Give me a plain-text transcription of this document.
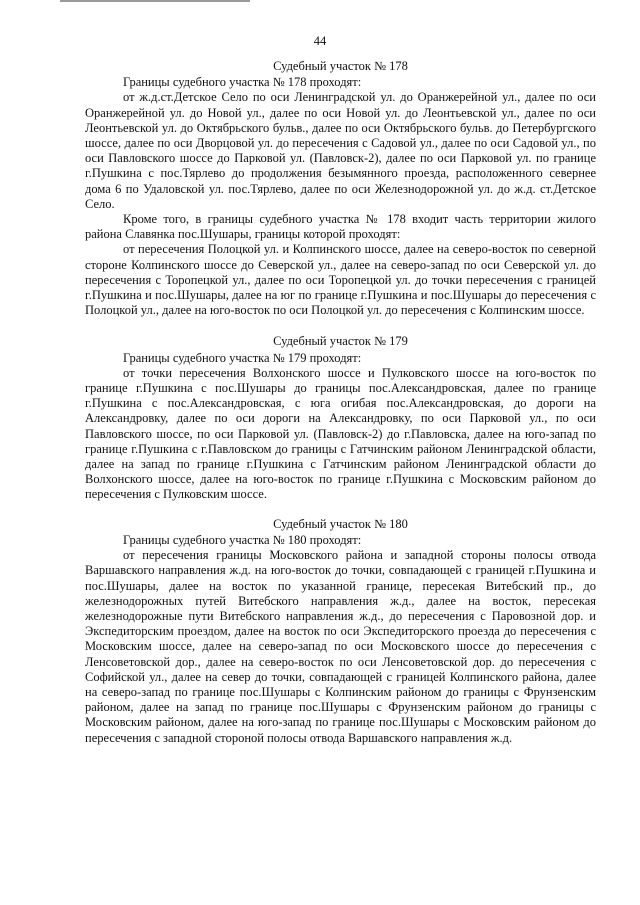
44

Судебный участок № 178

Границы судебного участка № 178 проходят:

от ж.д.ст.Детское Село по оси Ленинградской ул. до Оранжерейной ул., далее по оси Оранжерейной ул. до Новой ул., далее по оси Новой ул. до Леонтьевской ул., далее по оси Леонтьевской ул. до Октябрьского бульв., далее по оси Октябрьского бульв. до Петербургского шоссе, далее по оси Дворцовой ул. до пересечения с Садовой ул., далее по оси Садовой ул., по оси Павловского шоссе до Парковой ул. (Павловск-2), далее по оси Парковой ул. по границе г.Пушкина с пос.Тярлево до продолжения безымянного проезда, расположенного севернее дома 6 по Удаловской ул. пос.Тярлево, далее по оси Железнодорожной ул. до ж.д. ст.Детское Село.

Кроме того, в границы судебного участка № 178 входит часть территории жилого района Славянка пос.Шушары, границы которой проходят:

от пересечения Полоцкой ул. и Колпинского шоссе, далее на северо-восток по северной стороне Колпинского шоссе до Северской ул., далее на северо-запад по оси Северской ул. до пересечения с Торопецкой ул., далее по оси Торопецкой ул. до точки пересечения с границей г.Пушкина и пос.Шушары, далее на юг по границе г.Пушкина и пос.Шушары до пересечения с Полоцкой ул., далее на юго-восток по оси Полоцкой ул. до пересечения с Колпинским шоссе.

Судебный участок № 179

Границы судебного участка № 179 проходят:

от точки пересечения Волхонского шоссе и Пулковского шоссе на юго-восток по границе г.Пушкина с пос.Шушары до границы пос.Александровская, далее по границе г.Пушкина с пос.Александровская, с юга огибая пос.Александровская, до дороги на Александровку, далее по оси дороги на Александровку, по оси Парковой ул., по оси Павловского шоссе, по оси Парковой ул. (Павловск-2) до г.Павловска, далее на юго-запад по границе г.Пушкина с г.Павловском до границы с Гатчинским районом Ленинградской области, далее на запад по границе г.Пушкина с Гатчинским районом Ленинградской области до Волхонского шоссе, далее на юго-восток по границе г.Пушкина с Московским районом до пересечения с Пулковским шоссе.

Судебный участок № 180

Границы судебного участка № 180 проходят:

от пересечения границы Московского района и западной стороны полосы отвода Варшавского направления ж.д. на юго-восток до точки, совпадающей с границей г.Пушкина и пос.Шушары, далее на восток по указанной границе, пересекая Витебский пр., до железнодорожных путей Витебского направления ж.д., далее на восток, пересекая железнодорожные пути Витебского направления ж.д., до пересечения с Паровозной дор. и Экспедиторским проездом, далее на восток по оси Экспедиторского проезда до пересечения с Московским шоссе, далее на северо-запад по оси Московского шоссе до пересечения с Ленсоветовской дор., далее на северо-восток по оси Ленсоветовской дор. до пересечения с Софийской ул., далее на север до точки, совпадающей с границей Колпинского района, далее на северо-запад по границе пос.Шушары с Колпинским районом до границы с Фрунзенским районом, далее на запад по границе пос.Шушары с Фрунзенским районом до границы с Московским районом, далее на юго-запад по границе пос.Шушары с Московским районом до пересечения с западной стороной полосы отвода Варшавского направления ж.д.
